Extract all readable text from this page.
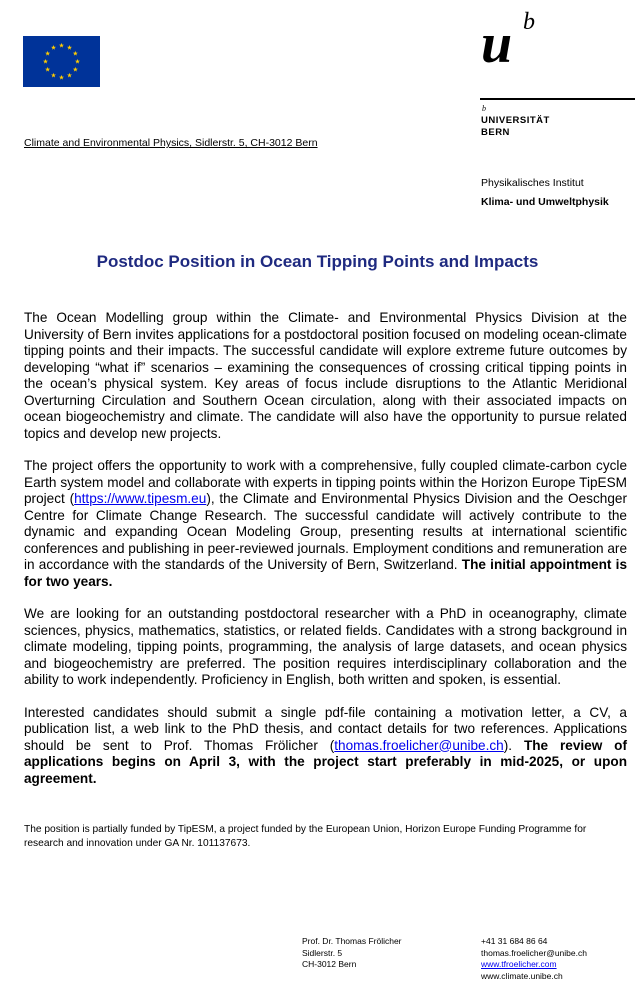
u b
b
UNIVERSITÄT
BERN
Climate and Environmental Physics, Sidlerstr. 5, CH-3012 Bern
Physikalisches Institut
Klima- und Umweltphysik
Postdoc Position in Ocean Tipping Points and Impacts

The Ocean Modelling group within the Climate- and Environmental Physics Division at the University of Bern invites applications for a postdoctoral position focused on modeling ocean-climate tipping points and their impacts. The successful candidate will explore extreme future outcomes by developing “what if” scenarios – examining the consequences of crossing critical tipping points in the ocean’s physical system. Key areas of focus include disruptions to the Atlantic Meridional Overturning Circulation and Southern Ocean circulation, along with their associated impacts on ocean biogeochemistry and climate. The candidate will also have the opportunity to pursue related topics and develop new projects.

The project offers the opportunity to work with a comprehensive, fully coupled climate-carbon cycle Earth system model and collaborate with experts in tipping points within the Horizon Europe TipESM project (https://www.tipesm.eu), the Climate and Environmental Physics Division and the Oeschger Centre for Climate Change Research. The successful candidate will actively contribute to the dynamic and expanding Ocean Modeling Group, presenting results at international scientific conferences and publishing in peer-reviewed journals. Employment conditions and remuneration are in accordance with the standards of the University of Bern, Switzerland. The initial appointment is for two years.

We are looking for an outstanding postdoctoral researcher with a PhD in oceanography, climate sciences, physics, mathematics, statistics, or related fields. Candidates with a strong background in climate modeling, tipping points, programming, the analysis of large datasets, and ocean physics and biogeochemistry are preferred. The position requires interdisciplinary collaboration and the ability to work independently. Proficiency in English, both written and spoken, is essential.

Interested candidates should submit a single pdf-file containing a motivation letter, a CV, a publication list, a web link to the PhD thesis, and contact details for two references. Applications should be sent to Prof. Thomas Frölicher (thomas.froelicher@unibe.ch). The review of applications begins on April 3, with the project start preferably in mid-2025, or upon agreement.

The position is partially funded by TipESM, a project funded by the European Union, Horizon Europe Funding Programme for research and innovation under GA Nr. 101137673.
Prof. Dr. Thomas Frölicher
Sidlerstr. 5
CH-3012 Bern
+41 31 684 86 64
thomas.froelicher@unibe.ch
www.tfroelicher.com
www.climate.unibe.ch
